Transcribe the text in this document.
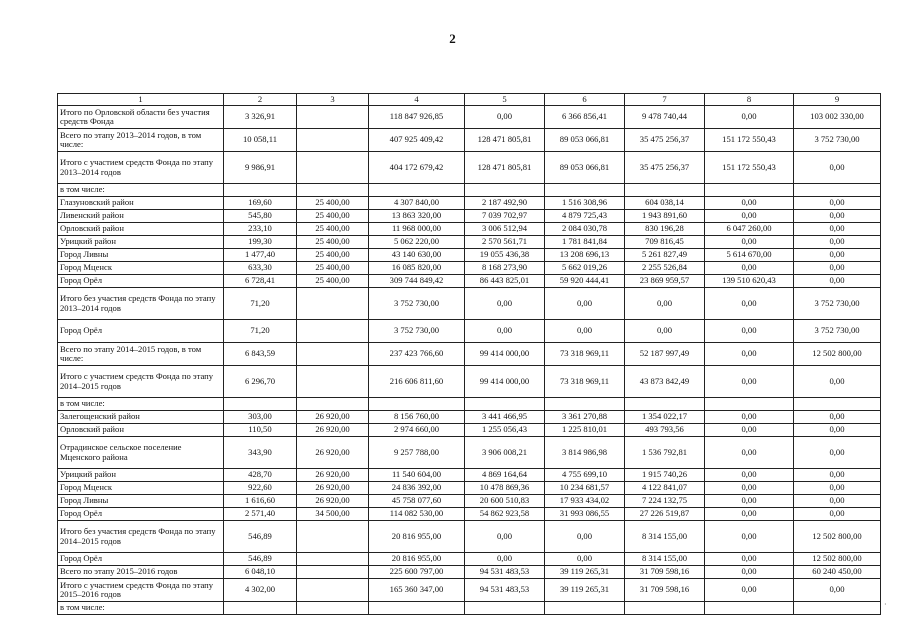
2
1	2	3	4	5	6	7	8	9
Итого по Орловской области без участия средств Фонда	3 326,91		118 847 926,85	0,00	6 366 856,41	9 478 740,44	0,00	103 002 330,00
Всего по этапу 2013–2014 годов, в том числе:	10 058,11		407 925 409,42	128 471 805,81	89 053 066,81	35 475 256,37	151 172 550,43	3 752 730,00
Итого с участием средств Фонда по этапу 2013–2014 годов	9 986,91		404 172 679,42	128 471 805,81	89 053 066,81	35 475 256,37	151 172 550,43	0,00
в том числе:								
Глазуновский район	169,60	25 400,00	4 307 840,00	2 187 492,90	1 516 308,96	604 038,14	0,00	0,00
Ливенский район	545,80	25 400,00	13 863 320,00	7 039 702,97	4 879 725,43	1 943 891,60	0,00	0,00
Орловский район	233,10	25 400,00	11 968 000,00	3 006 512,94	2 084 030,78	830 196,28	6 047 260,00	0,00
Урицкий район	199,30	25 400,00	5 062 220,00	2 570 561,71	1 781 841,84	709 816,45	0,00	0,00
Город Ливны	1 477,40	25 400,00	43 140 630,00	19 055 436,38	13 208 696,13	5 261 827,49	5 614 670,00	0,00
Город Мценск	633,30	25 400,00	16 085 820,00	8 168 273,90	5 662 019,26	2 255 526,84	0,00	0,00
Город Орёл	6 728,41	25 400,00	309 744 849,42	86 443 825,01	59 920 444,41	23 869 959,57	139 510 620,43	0,00
Итого без участия средств Фонда по этапу 2013–2014 годов	71,20		3 752 730,00	0,00	0,00	0,00	0,00	3 752 730,00
Город Орёл	71,20		3 752 730,00	0,00	0,00	0,00	0,00	3 752 730,00
Всего по этапу 2014–2015 годов, в том числе:	6 843,59		237 423 766,60	99 414 000,00	73 318 969,11	52 187 997,49	0,00	12 502 800,00
Итого с участием средств Фонда по этапу 2014–2015 годов	6 296,70		216 606 811,60	99 414 000,00	73 318 969,11	43 873 842,49	0,00	0,00
в том числе:								
Залегощенский район	303,00	26 920,00	8 156 760,00	3 441 466,95	3 361 270,88	1 354 022,17	0,00	0,00
Орловский район	110,50	26 920,00	2 974 660,00	1 255 056,43	1 225 810,01	493 793,56	0,00	0,00
Отрадинское сельское поселение Мценского района	343,90	26 920,00	9 257 788,00	3 906 008,21	3 814 986,98	1 536 792,81	0,00	0,00
Урицкий район	428,70	26 920,00	11 540 604,00	4 869 164,64	4 755 699,10	1 915 740,26	0,00	0,00
Город Мценск	922,60	26 920,00	24 836 392,00	10 478 869,36	10 234 681,57	4 122 841,07	0,00	0,00
Город Ливны	1 616,60	26 920,00	45 758 077,60	20 600 510,83	17 933 434,02	7 224 132,75	0,00	0,00
Город Орёл	2 571,40	34 500,00	114 082 530,00	54 862 923,58	31 993 086,55	27 226 519,87	0,00	0,00
Итого без участия средств Фонда по этапу 2014–2015 годов	546,89		20 816 955,00	0,00	0,00	8 314 155,00	0,00	12 502 800,00
Город Орёл	546,89		20 816 955,00	0,00	0,00	8 314 155,00	0,00	12 502 800,00
Всего по этапу 2015–2016 годов	6 048,10		225 600 797,00	94 531 483,53	39 119 265,31	31 709 598,16	0,00	60 240 450,00
Итого с участием средств Фонда по этапу 2015–2016 годов	4 302,00		165 360 347,00	94 531 483,53	39 119 265,31	31 709 598,16	0,00	0,00
в том числе:									·
